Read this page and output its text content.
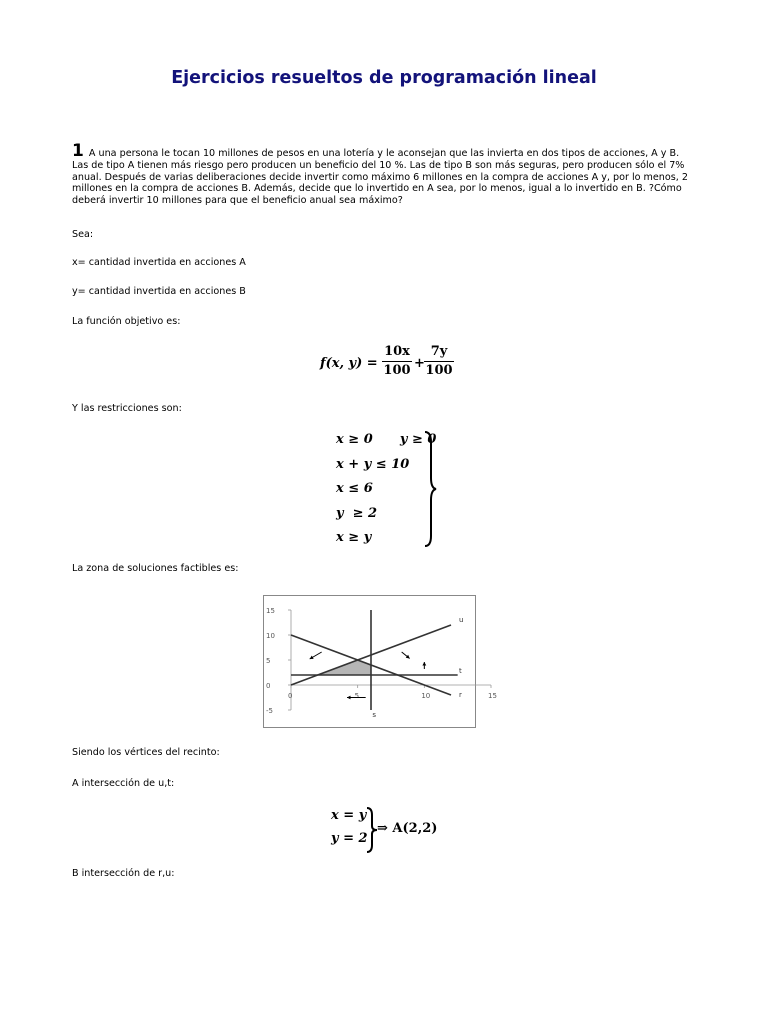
Ejercicios resueltos de programación lineal
1 A una persona le tocan 10 millones de pesos en una lotería y le aconsejan que las invierta en dos tipos de acciones, A y B. Las de tipo A tienen más riesgo pero producen un beneficio del 10 %. Las de tipo B son más seguras, pero producen sólo el 7% anual. Después de varias deliberaciones decide invertir como máximo 6 millones en la compra de acciones A y, por lo menos, 2 millones en la compra de acciones B. Además, decide que lo invertido en A sea, por lo menos, igual a lo invertido en B. ?Cómo deberá invertir 10 millones para que el beneficio anual sea máximo?
Sea:
x= cantidad invertida en acciones A
y= cantidad invertida en acciones B
La función objetivo es:
f(x, $y) = \frac{10x}{100} + \frac{7y}{100}$
Y las restricciones son:
x ≥ 0      y ≥ 0
x + y ≤ 10
x ≤ 6
y  ≥ 2
x ≥ y
La zona de soluciones factibles es:
0	5	10	15
15
10
5
0
-5
u
t
r
s
Siendo los vértices del recinto:
A intersección de u,t:
x = y
y = 2
⇒ A(2,2)
B intersección de r,u:
